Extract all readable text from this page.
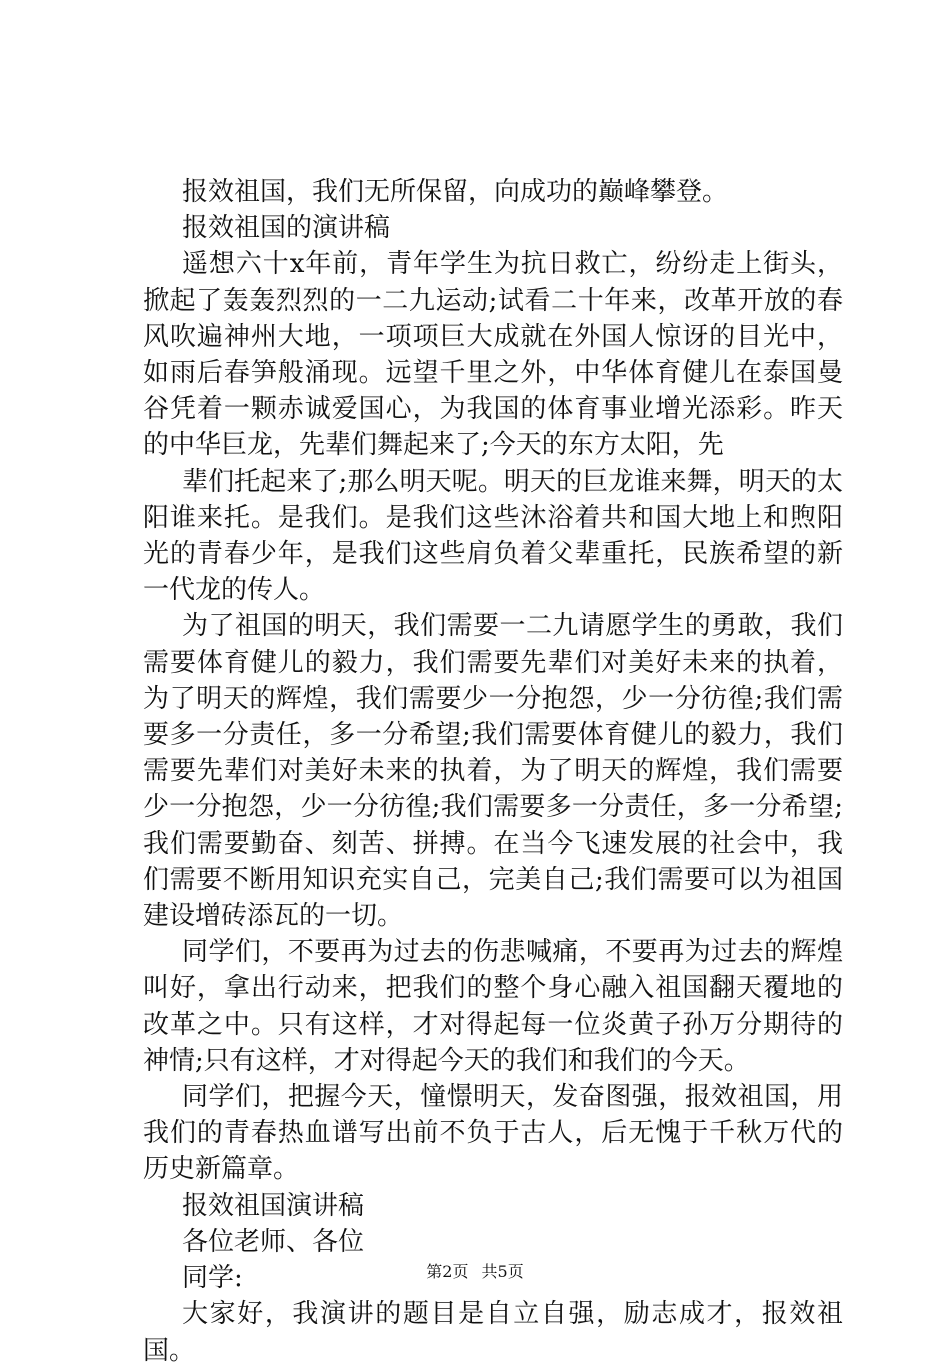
报效祖国，我们无所保留，向成功的巅峰攀登。

报效祖国的演讲稿

遥想六十x年前，青年学生为抗日救亡，纷纷走上街头，掀起了轰轰烈烈的一二九运动;试看二十年来，改革开放的春风吹遍神州大地，一项项巨大成就在外国人惊讶的目光中，如雨后春笋般涌现。远望千里之外，中华体育健儿在泰国曼谷凭着一颗赤诚爱国心，为我国的体育事业增光添彩。昨天的中华巨龙，先辈们舞起来了;今天的东方太阳，先

辈们托起来了;那么明天呢。明天的巨龙谁来舞，明天的太阳谁来托。是我们。是我们这些沐浴着共和国大地上和煦阳光的青春少年，是我们这些肩负着父辈重托，民族希望的新一代龙的传人。

为了祖国的明天，我们需要一二九请愿学生的勇敢，我们需要体育健儿的毅力，我们需要先辈们对美好未来的执着，为了明天的辉煌，我们需要少一分抱怨，少一分彷徨;我们需要多一分责任，多一分希望;我们需要体育健儿的毅力，我们需要先辈们对美好未来的执着，为了明天的辉煌，我们需要少一分抱怨，少一分彷徨;我们需要多一分责任，多一分希望;我们需要勤奋、刻苦、拼搏。在当今飞速发展的社会中，我们需要不断用知识充实自己，完美自己;我们需要可以为祖国建设增砖添瓦的一切。

同学们，不要再为过去的伤悲喊痛，不要再为过去的辉煌叫好，拿出行动来，把我们的整个身心融入祖国翻天覆地的改革之中。只有这样，才对得起每一位炎黄子孙万分期待的神情;只有这样，才对得起今天的我们和我们的今天。

同学们，把握今天，憧憬明天，发奋图强，报效祖国，用我们的青春热血谱写出前不负于古人，后无愧于千秋万代的历史新篇章。

报效祖国演讲稿

各位老师、各位

同学:

大家好，我演讲的题目是自立自强，励志成才，报效祖国。

第2页 共5页
